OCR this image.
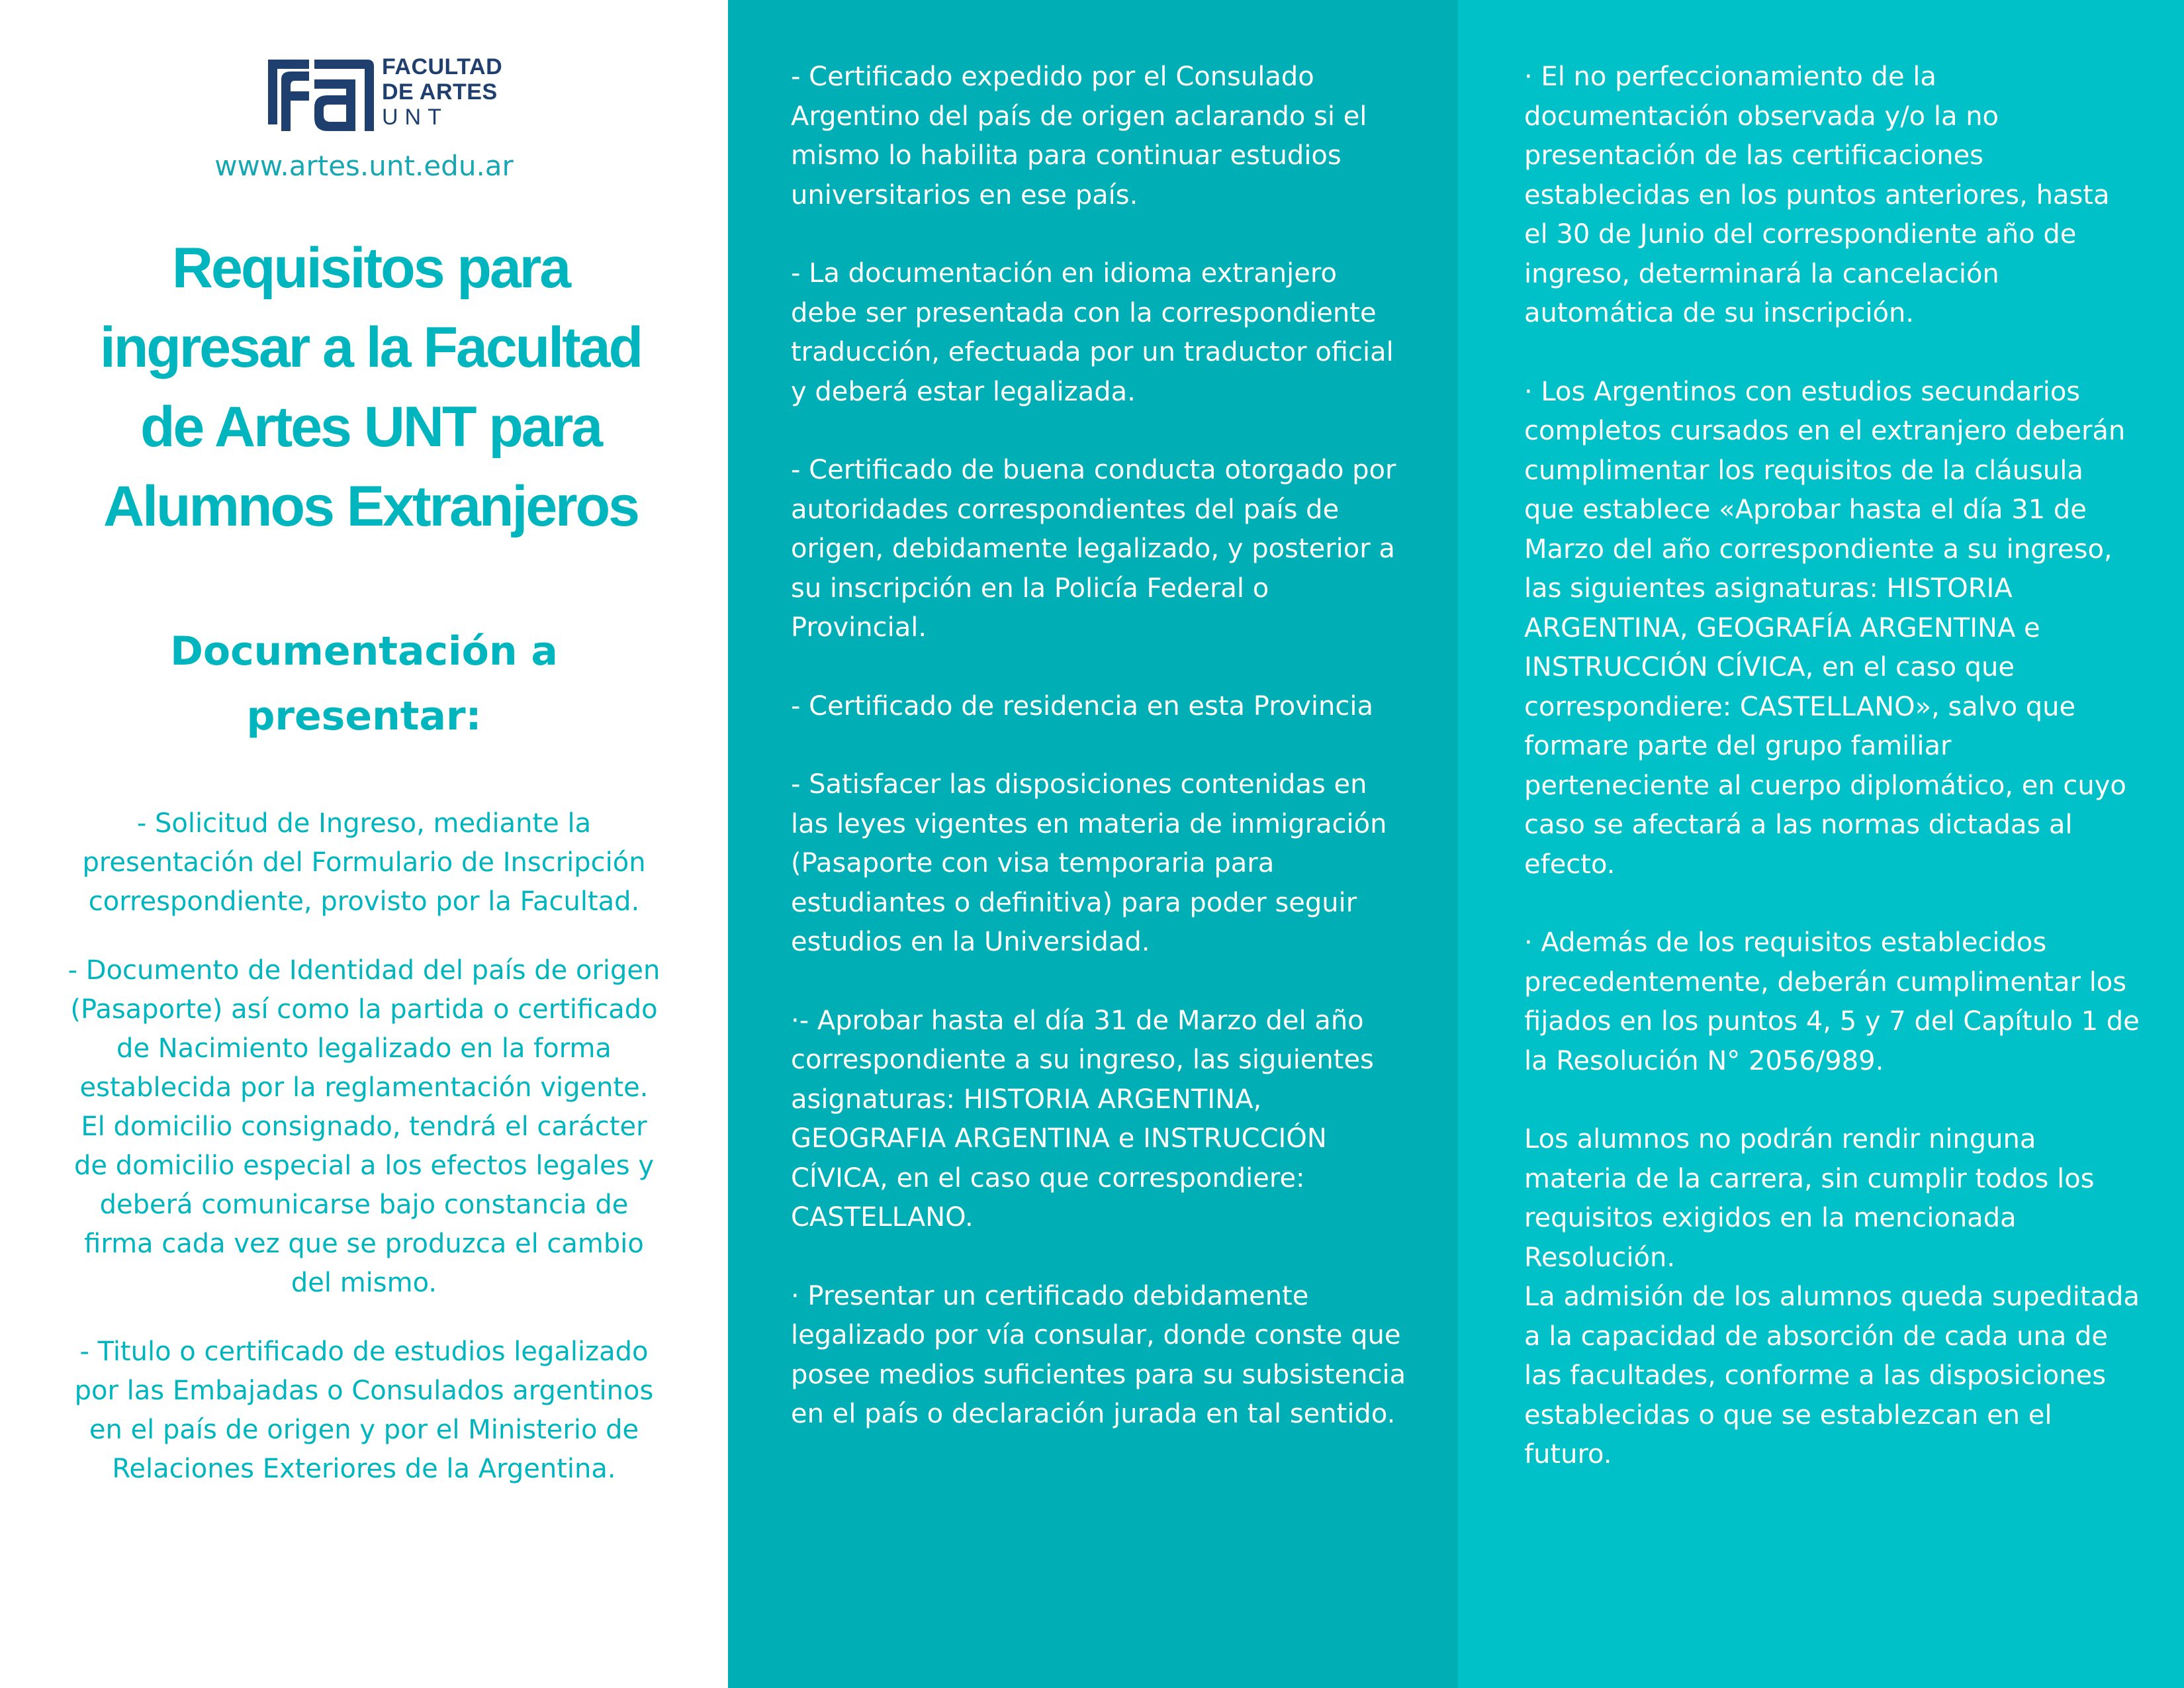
FACULTAD
DE ARTES
UNT
www.artes.unt.edu.ar
Requisitos para
ingresar a la Facultad
de Artes UNT para
Alumnos Extranjeros
Documentación a
presentar:

- Solicitud de Ingreso, mediante la presentación del Formulario de Inscripción correspondiente, provisto por la Facultad.

- Documento de Identidad del país de origen (Pasaporte) así como la partida o certificado de Nacimiento legalizado en la forma establecida por la reglamentación vigente. El domicilio consignado, tendrá el carácter de domicilio especial a los efectos legales y deberá comunicarse bajo constancia de firma cada vez que se produzca el cambio del mismo.

- Titulo o certificado de estudios legalizado por las Embajadas o Consulados argentinos en el país de origen y por el Ministerio de Relaciones Exteriores de la Argentina.

- Certificado expedido por el Consulado Argentino del país de origen aclarando si el mismo lo habilita para continuar estudios universitarios en ese país.

- La documentación en idioma extranjero debe ser presentada con la correspondiente traducción, efectuada por un traductor oficial y deberá estar legalizada.

- Certificado de buena conducta otorgado por autoridades correspondientes del país de origen, debidamente legalizado, y posterior a su inscripción en la Policía Federal o Provincial.

- Certificado de residencia en esta Provincia

- Satisfacer las disposiciones contenidas en las leyes vigentes en materia de inmigración (Pasaporte con visa temporaria para estudiantes o definitiva) para poder seguir estudios en la Universidad.

·- Aprobar hasta el día 31 de Marzo del año correspondiente a su ingreso, las siguientes asignaturas: HISTORIA ARGENTINA, GEOGRAFIA ARGENTINA e INSTRUCCIÓN CÍVICA, en el caso que correspondiere: CASTELLANO.

· Presentar un certificado debidamente legalizado por vía consular, donde conste que posee medios suficientes para su subsistencia en el país o declaración jurada en tal sentido.

· El no perfeccionamiento de la documentación observada y/o la no presentación de las certificaciones establecidas en los puntos anteriores, hasta el 30 de Junio del correspondiente año de ingreso, determinará la cancelación automática de su inscripción.

· Los Argentinos con estudios secundarios completos cursados en el extranjero deberán cumplimentar los requisitos de la cláusula que establece «Aprobar hasta el día 31 de Marzo del año correspondiente a su ingreso, las siguientes asignaturas: HISTORIA ARGENTINA, GEOGRAFÍA ARGENTINA e INSTRUCCIÓN CÍVICA, en el caso que correspondiere: CASTELLANO», salvo que formare parte del grupo familiar perteneciente al cuerpo diplomático, en cuyo caso se afectará a las normas dictadas al efecto.

· Además de los requisitos establecidos precedentemente, deberán cumplimentar los fijados en los puntos 4, 5 y 7 del Capítulo 1 de la Resolución N° 2056/989.

Los alumnos no podrán rendir ninguna materia de la carrera, sin cumplir todos los requisitos exigidos en la mencionada Resolución.

La admisión de los alumnos queda supeditada a la capacidad de absorción de cada una de las facultades, conforme a las disposiciones establecidas o que se establezcan en el futuro.
